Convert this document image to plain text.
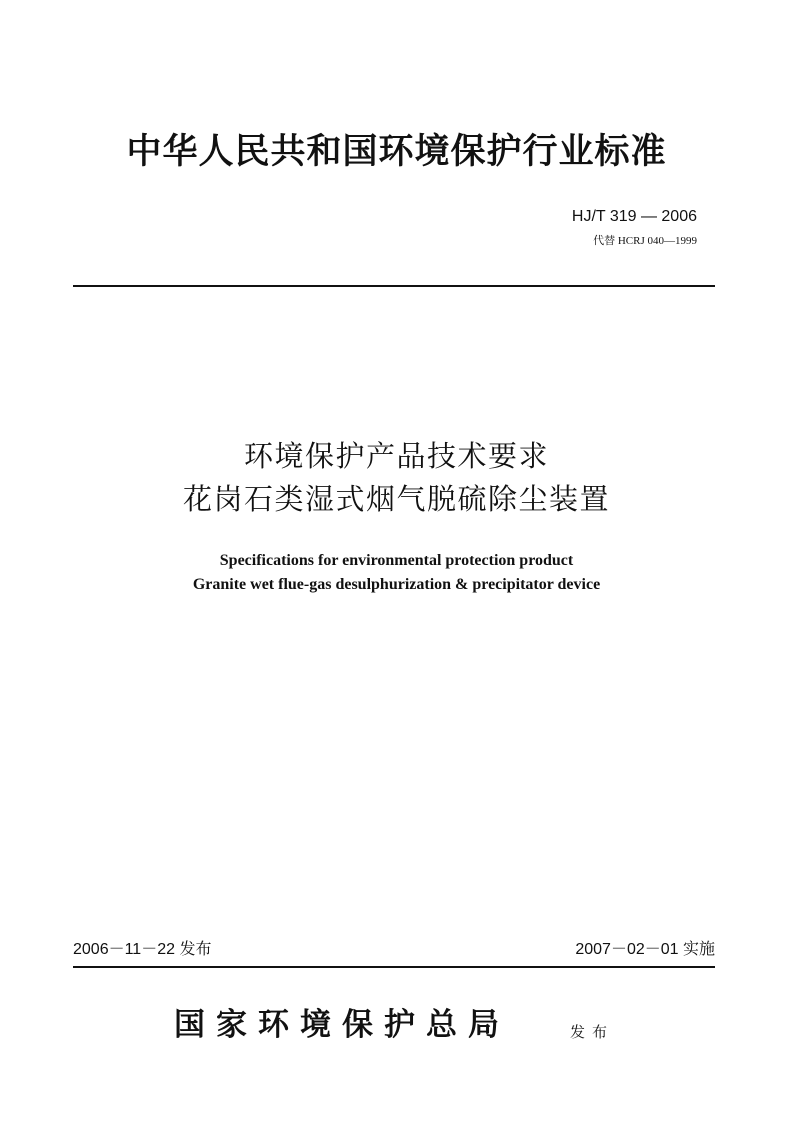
中华人民共和国环境保护行业标准
HJ/T 319 — 2006
代替 HCRJ 040—1999
环境保护产品技术要求
花岗石类湿式烟气脱硫除尘装置
Specifications for environmental protection product
Granite wet flue-gas desulphurization & precipitator device
2006－11－22 发布	2007－02－01 实施
国家环境保护总局	发布
